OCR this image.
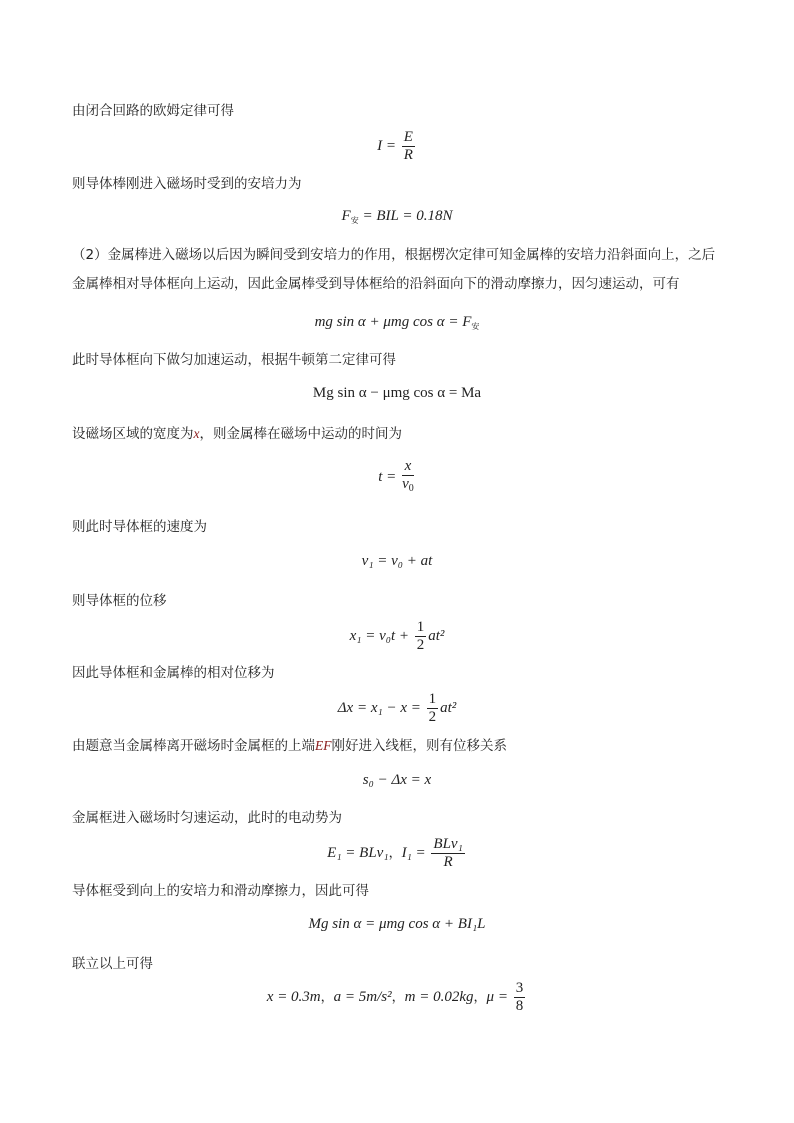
由闭合回路的欧姆定律可得
$I = \frac{E}{R}$
则导体棒刚进入磁场时受到的安培力为
$F_安$ = BIL = 0.18N
（2）金属棒进入磁场以后因为瞬间受到安培力的作用，根据楞次定律可知金属棒的安培力沿斜面向上，之后金属棒相对导体框向上运动，因此金属棒受到导体框给的沿斜面向下的滑动摩擦力，因匀速运动，可有
mg sin α + μmg $\cos \alpha = F_安$
此时导体框向下做匀加速运动，根据牛顿第二定律可得
Mg sin α − μmg cos α = Ma
设磁场区域的宽度为x，则金属棒在磁场中运动的时间为
$t = \frac{x}{v_0}$
则此时导体框的速度为
v₁ = v₀ + at
则导体框的位移
$x_1 = v_0t + \frac{1}{2} at^2$
因此导体框和金属棒的相对位移为
$\Delta x = x_1 - x = \frac{1}{2} at^2$
由题意当金属棒离开磁场时金属框的上端EF刚好进入线框，则有位移关系
s₀ − Δx = x
金属框进入磁场时匀速运动，此时的电动势为
E₁ = BLv₁，$I_1 = \frac{\text{BLv₁}}{R}$
导体框受到向上的安培力和滑动摩擦力，因此可得
Mg sin α = μmg cos α + BI₁L
联立以上可得
x = 0.3m，a = 5m/s²，m = 0.02kg，$\mu = \frac{3}{8}$
